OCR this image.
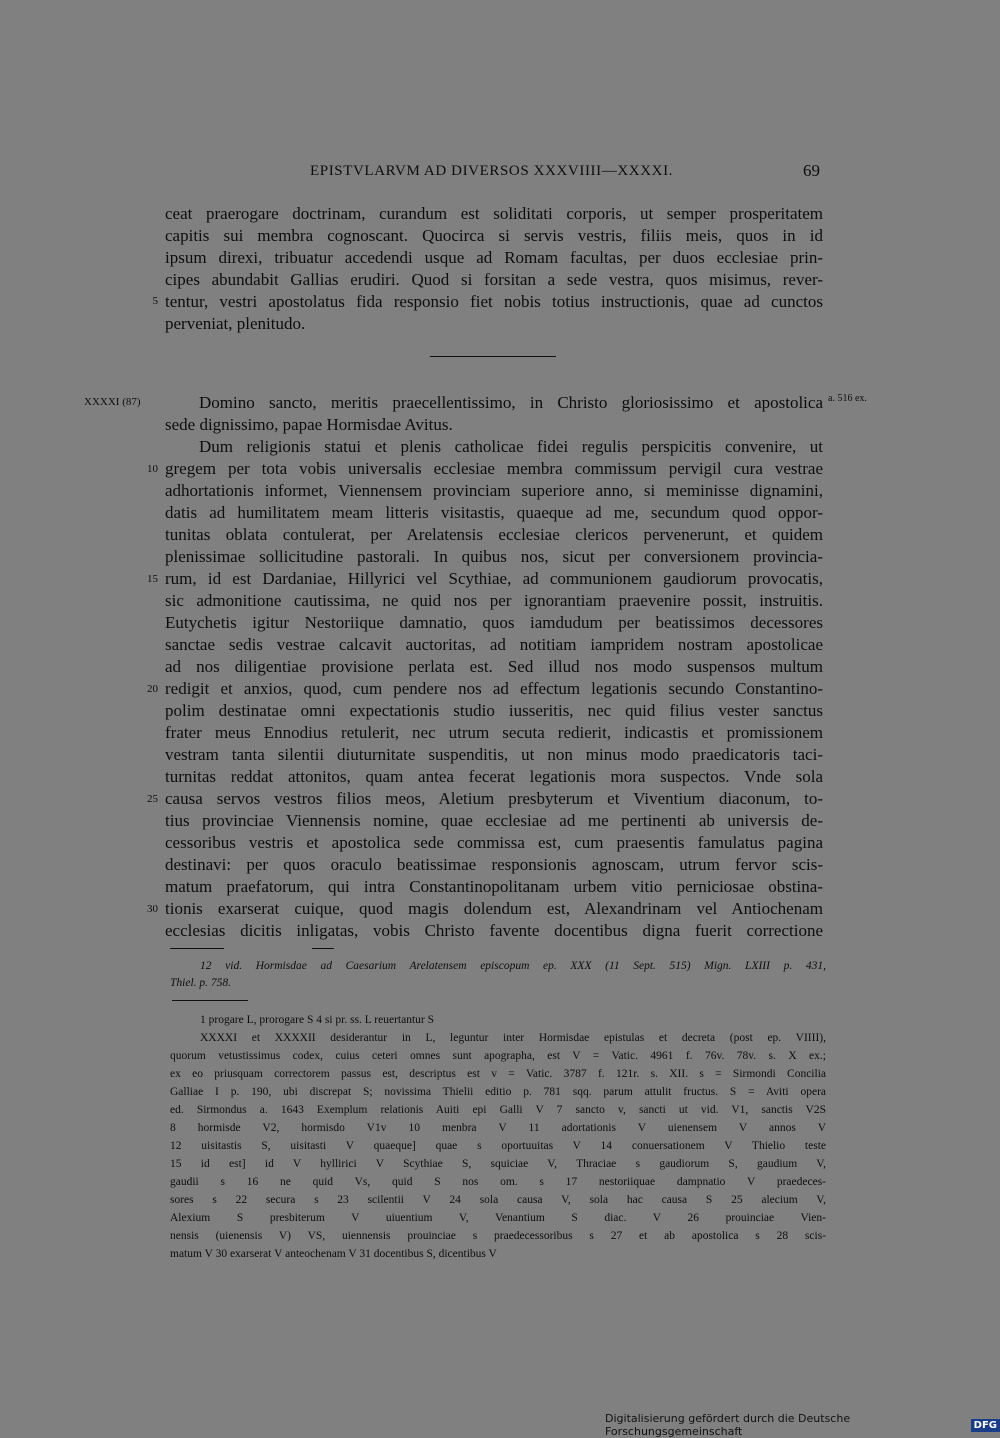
EPISTVLARVM AD DIVERSOS XXXVIIII—XXXXI.	69
ceat praerogare doctrinam, curandum est soliditati corporis, ut semper prosperitatem
capitis sui membra cognoscant. Quocirca si servis vestris, filiis meis, quos in id
ipsum direxi, tribuatur accedendi usque ad Romam facultas, per duos ecclesiae prin-
cipes abundabit Gallias erudiri. Quod si forsitan a sede vestra, quos misimus, rever-
tentur, vestri apostolatus fida responsio fiet nobis totius instructionis, quae ad cunctos
perveniat, plenitudo.
5
XXXXI (87)	a. 516 ex.
Domino sancto, meritis praecellentissimo, in Christo gloriosissimo et apostolica
sede dignissimo, papae Hormisdae Avitus.
Dum religionis statui et plenis catholicae fidei regulis perspicitis convenire, ut
gregem per tota vobis universalis ecclesiae membra commissum pervigil cura vestrae
adhortationis informet, Viennensem provinciam superiore anno, si meminisse dignamini,
datis ad humilitatem meam litteris visitastis, quaeque ad me, secundum quod oppor-
tunitas oblata contulerat, per Arelatensis ecclesiae clericos pervenerunt, et quidem
plenissimae sollicitudine pastorali. In quibus nos, sicut per conversionem provincia-
rum, id est Dardaniae, Hillyrici vel Scythiae, ad communionem gaudiorum provocatis,
sic admonitione cautissima, ne quid nos per ignorantiam praevenire possit, instruitis.
Eutychetis igitur Nestoriique damnatio, quos iamdudum per beatissimos decessores
sanctae sedis vestrae calcavit auctoritas, ad notitiam iampridem nostram apostolicae
ad nos diligentiae provisione perlata est. Sed illud nos modo suspensos multum
redigit et anxios, quod, cum pendere nos ad effectum legationis secundo Constantino-
polim destinatae omni expectationis studio iusseritis, nec quid filius vester sanctus
frater meus Ennodius retulerit, nec utrum secuta redierit, indicastis et promissionem
vestram tanta silentii diuturnitate suspenditis, ut non minus modo praedicatoris taci-
turnitas reddat attonitos, quam antea fecerat legationis mora suspectos. Vnde sola
causa servos vestros filios meos, Aletium presbyterum et Viventium diaconum, to-
tius provinciae Viennensis nomine, quae ecclesiae ad me pertinenti ab universis de-
cessoribus vestris et apostolica sede commissa est, cum praesentis famulatus pagina
destinavi: per quos oraculo beatissimae responsionis agnoscam, utrum fervor scis-
matum praefatorum, qui intra Constantinopolitanam urbem vitio perniciosae obstina-
tionis exarserat cuique, quod magis dolendum est, Alexandrinam vel Antiochenam
ecclesias dicitis inligatas, vobis Christo favente docentibus digna fuerit correctione
10
15
20
25
30
12 vid. Hormisdae ad Caesarium Arelatensem episcopum ep. XXX (11 Sept. 515) Mign. LXIII p. 431,
Thiel. p. 758.
1 progare L, prorogare S 4 si pr. ss. L reuertantur S
XXXXI et XXXXII desiderantur in L, leguntur inter Hormisdae epistulas et decreta (post ep. VIIII),
quorum vetustissimus codex, cuius ceteri omnes sunt apographa, est V = Vatic. 4961 f. 76v. 78v. s. X ex.;
ex eo priusquam correctorem passus est, descriptus est v = Vatic. 3787 f. 121r. s. XII. s = Sirmondi Concilia
Galliae I p. 190, ubi discrepat S; novissima Thielii editio p. 781 sqq. parum attulit fructus. S = Aviti opera
ed. Sirmondus a. 1643 Exemplum relationis Auiti epi Galli V 7 sancto v, sancti ut vid. V1, sanctis V2S
8 hormisde V2, hormisdo V1v 10 menbra V 11 adortationis V uienensem V annos V
12 uisitastis S, uisitasti V quaeque] quae s oportuuitas V 14 conuersationem V Thielio teste
15 id est] id V hyllirici V Scythiae S, squiciae V, Thraciae s gaudiorum S, gaudium V,
gaudii s 16 ne quid Vs, quid S nos om. s 17 nestoriiquae dampnatio V praedeces-
sores s 22 secura s 23 scilentii V 24 sola causa V, sola hac causa S 25 alecium V,
Alexium S presbiterum V uiuentium V, Venantium S diac. V 26 prouinciae Vien-
nensis (uienensis V) VS, uiennensis prouinciae s praedecessoribus s 27 et ab apostolica s 28 scis-
matum V 30 exarserat V anteochenam V 31 docentibus S, dicentibus V
Digitalisierung gefördert durch die Deutsche Forschungsgemeinschaft	DFG
